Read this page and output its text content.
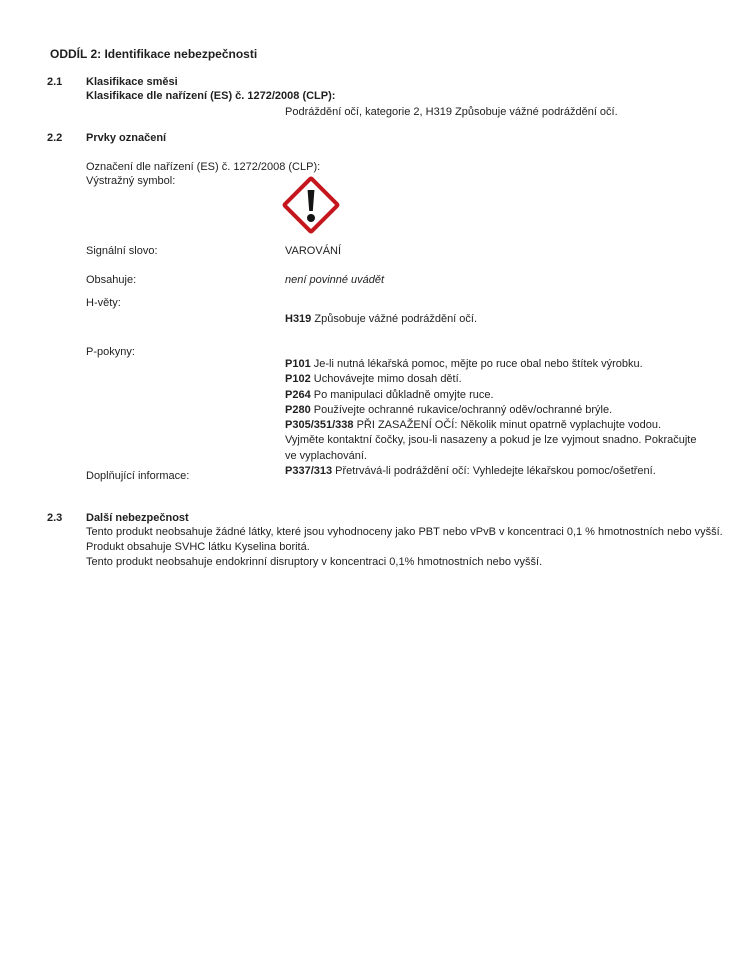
ODDÍL 2: Identifikace nebezpečnosti
2.1	Klasifikace směsi
Klasifikace dle nařízení (ES) č. 1272/2008 (CLP):
Podráždění očí, kategorie 2, H319 Způsobuje vážné podráždění očí.
2.2	Prvky označení
Označení dle nařízení (ES) č. 1272/2008 (CLP):
Výstražný symbol:
Signální slovo:	VAROVÁNÍ
Obsahuje:	není povinné uvádět
H-věty:
H319 Způsobuje vážné podráždění očí.
P-pokyny:
P101 Je-li nutná lékařská pomoc, mějte po ruce obal nebo štítek výrobku.
P102 Uchovávejte mimo dosah dětí.
P264 Po manipulaci důkladně omyjte ruce.
P280 Používejte ochranné rukavice/ochranný oděv/ochranné brýle.
P305/351/338 PŘI ZASAŽENÍ OČÍ: Několik minut opatrně vyplachujte vodou. Vyjměte kontaktní čočky, jsou-li nasazeny a pokud je lze vyjmout snadno. Pokračujte ve vyplachování.
P337/313 Přetrvává-li podráždění očí: Vyhledejte lékařskou pomoc/ošetření.
Doplňující informace:
2.3	Další nebezpečnost
Tento produkt neobsahuje žádné látky, které jsou vyhodnoceny jako PBT nebo vPvB v koncentraci 0,1 % hmotnostních nebo vyšší.
Produkt obsahuje SVHC látku Kyselina boritá.
Tento produkt neobsahuje endokrinní disruptory v koncentraci 0,1% hmotnostních nebo vyšší.
